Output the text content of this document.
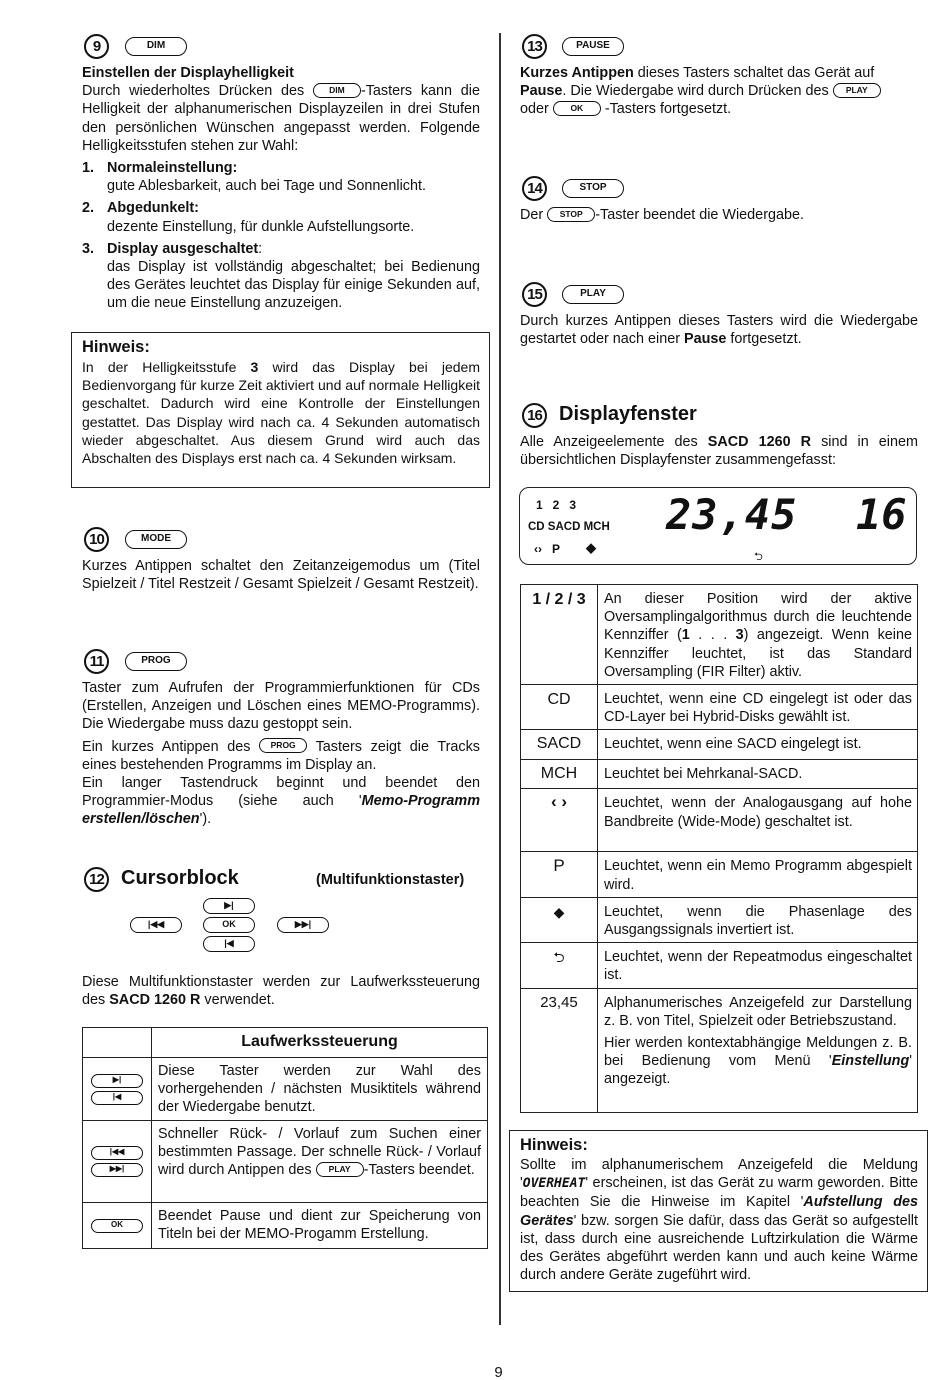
9	DIM
Einstellen der Displayhelligkeit
Durch wiederholtes Drücken des	DIM -Tasters kann die Helligkeit der alphanumerischen Displayzeilen in drei Stufen den persönlichen Wünschen angepasst werden. Folgende Helligkeitsstufen stehen zur Wahl:
1. Normaleinstellung:
gute Ablesbarkeit, auch bei Tage und Sonnenlicht.
2. Abgedunkelt:
dezente Einstellung, für dunkle Aufstellungsorte.
3. Display ausgeschaltet:
das Display ist vollständig abgeschaltet; bei Bedienung des Gerätes leuchtet das Display für einige Sekunden auf, um die neue Einstellung anzuzeigen.
Hinweis:
In der Helligkeitsstufe 3 wird das Display bei jedem Bedienvorgang für kurze Zeit aktiviert und auf normale Helligkeit geschaltet. Dadurch wird eine Kontrolle der Einstellungen gestattet. Das Display wird nach ca. 4 Sekunden automatisch wieder abgeschaltet. Aus diesem Grund wird auch das Abschalten des Displays erst nach ca. 4 Sekunden wirksam.
10	MODE
Kurzes Antippen schaltet den Zeitanzeigemodus um (Titel Spielzeit / Titel Restzeit / Gesamt Spielzeit / Gesamt Restzeit).
11	PROG
Taster zum Aufrufen der Programmierfunktionen für CDs (Erstellen, Anzeigen und Löschen eines MEMO-Programms). Die Wiedergabe muss dazu gestoppt sein.
Ein kurzes Antippen des PROG Tasters zeigt die Tracks eines bestehenden Programms im Display an.
Ein langer Tastendruck beginnt und beendet den Programmier-Modus (siehe auch 'Memo-Programm erstellen/löschen').
12 Cursorblock	(Multifunktionstaster)
▶|
OK
|◀
|◀◀	▶▶|
Diese Multifunktionstaster werden zur Laufwerkssteuerung des SACD 1260 R verwendet.
	Laufwerkssteuerung

▶|
|◀	Diese Taster werden zur Wahl des vorhergehenden / nächsten Musiktitels während der Wiedergabe benutzt.

|◀◀
▶▶|	Schneller Rück- / Vorlauf zum Suchen einer bestimmten Passage. Der schnelle Rück- / Vorlauf wird durch Antippen des PLAY -Tasters beendet.

OK	Beendet Pause und dient zur Speicherung von Titeln bei der MEMO-Progamm Erstellung.
13	PAUSE
Kurzes Antippen dieses Tasters schaltet das Gerät auf Pause. Die Wiedergabe wird durch Drücken des PLAY
oder	OK -Tasters fortgesetzt.
14	STOP
Der STOP -Taster beendet die Wiedergabe.
15	PLAY
Durch kurzes Antippen dieses Tasters wird die Wiedergabe gestartet oder nach einer Pause fortgesetzt.
16 Displayfenster
Alle Anzeigeelemente des SACD 1260 R sind in einem übersichtlichen Displayfenster zusammengefasst:
1   2   3
CD SACD MCH
‹›   P ◆
23,45 16
⮌
1 / 2 / 3	An dieser Position wird der aktive Oversamplingalgorithmus durch die leuchtende Kennziffer (1 . . . 3) angezeigt. Wenn keine Kennziffer leuchtet, ist das Standard Oversampling (FIR Filter) aktiv.
CD	Leuchtet, wenn eine CD eingelegt ist oder das CD-Layer bei Hybrid-Disks gewählt ist.
SACD	Leuchtet, wenn eine SACD eingelegt ist.
MCH	Leuchtet bei Mehrkanal-SACD.
‹ ›	Leuchtet, wenn der Analogausgang auf hohe Bandbreite (Wide-Mode) geschaltet ist.
P	Leuchtet, wenn ein Memo Programm abgespielt wird.
◆	Leuchtet, wenn die Phasenlage des Ausgangssignals invertiert ist.
⮌	Leuchtet, wenn der Repeatmodus eingeschaltet ist.
23,45	Alphanumerisches Anzeigefeld zur Darstellung z. B. von Titel, Spielzeit oder Betriebszustand.
Hier werden kontextabhängige Meldungen z. B. bei Bedienung vom Menü 'Einstellung' angezeigt.
Hinweis:
Sollte im alphanumerischem Anzeigefeld die Meldung 'OVERHEAT' erscheinen, ist das Gerät zu warm geworden. Bitte beachten Sie die Hinweise im Kapitel 'Aufstellung des Gerätes' bzw. sorgen Sie dafür, dass das Gerät so aufgestellt ist, dass durch eine ausreichende Luftzirkulation die Wärme des Gerätes abgeführt werden kann und auch keine Wärme durch andere Geräte zugeführt wird.
9
